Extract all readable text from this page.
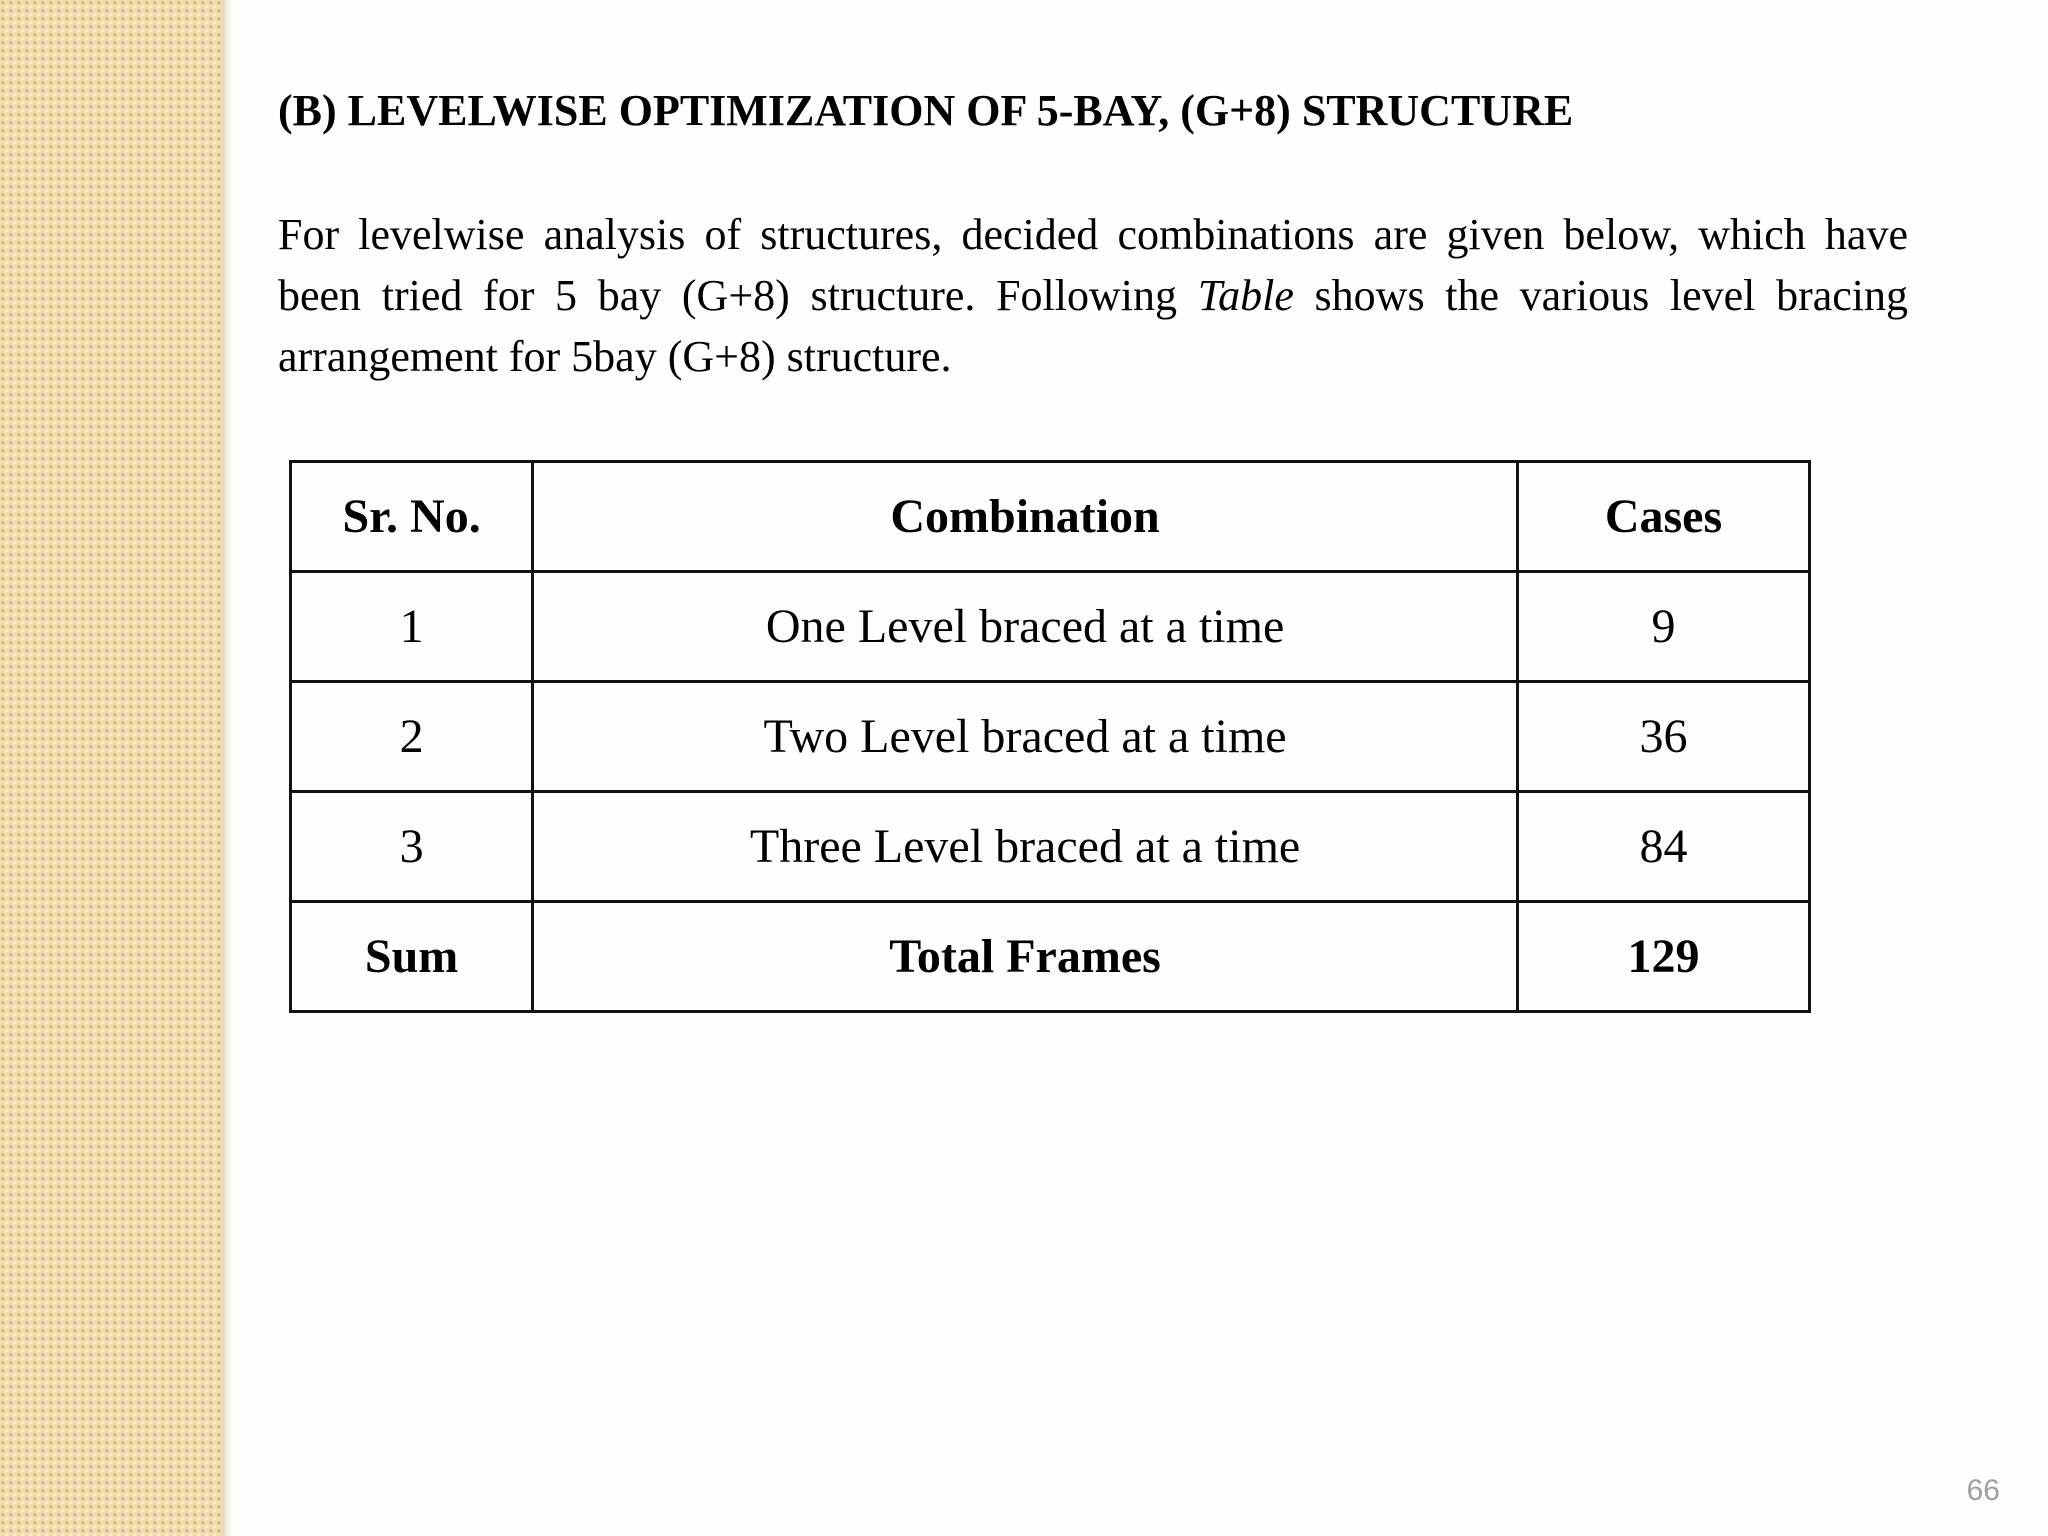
(B) LEVELWISE OPTIMIZATION OF 5-BAY, (G+8) STRUCTURE

For levelwise analysis of structures, decided combinations are given below, which have been tried for 5 bay (G+8) structure. Following Table shows the various level bracing arrangement for 5bay (G+8) structure.

Sr. No.	Combination	Cases
1	One Level braced at a time	9
2	Two Level braced at a time	36
3	Three Level braced at a time	84
Sum	Total Frames	129
66
